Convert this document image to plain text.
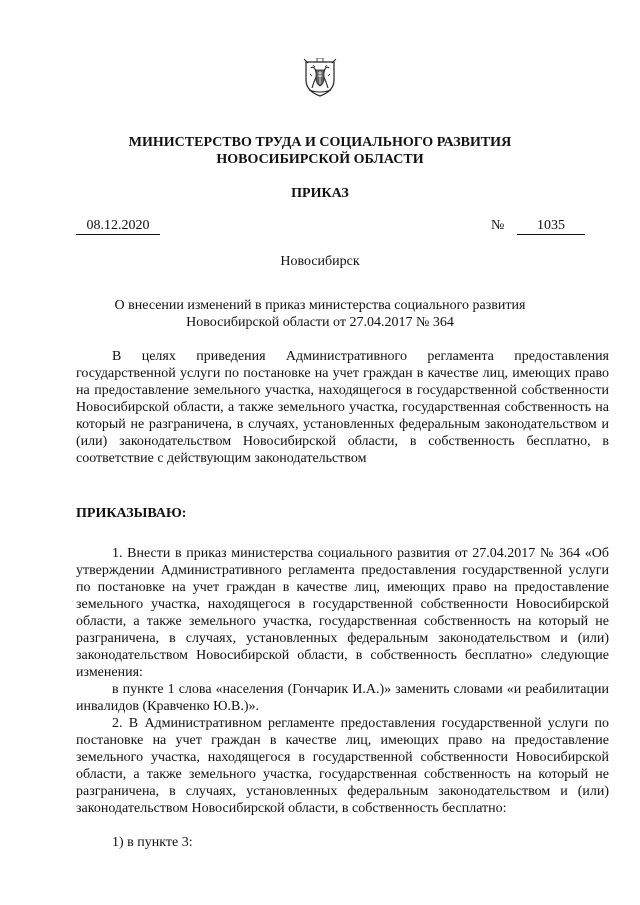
МИНИСТЕРСТВО ТРУДА И СОЦИАЛЬНОГО РАЗВИТИЯ
НОВОСИБИРСКОЙ ОБЛАСТИ
ПРИКАЗ
08.12.2020	№	1035
Новосибирск
О внесении изменений в приказ министерства социального развития
Новосибирской области от 27.04.2017 № 364
В целях приведения Административного регламента предоставления государственной услуги по постановке на учет граждан в качестве лиц, имеющих право на предоставление земельного участка, находящегося в государственной собственности Новосибирской области, а также земельного участка, государственная собственность на который не разграничена, в случаях, установленных федеральным законодательством и (или) законодательством Новосибирской области, в собственность бесплатно, в соответствие с действующим законодательством
ПРИКАЗЫВАЮ:
1. Внести в приказ министерства социального развития от 27.04.2017 № 364 «Об утверждении Административного регламента предоставления государственной услуги по постановке на учет граждан в качестве лиц, имеющих право на предоставление земельного участка, находящегося в государственной собственности Новосибирской области, а также земельного участка, государственная собственность на который не разграничена, в случаях, установленных федеральным законодательством и (или) законодательством Новосибирской области, в собственность бесплатно» следующие изменения:
в пункте 1 слова «населения (Гончарик И.А.)» заменить словами «и реабилитации инвалидов (Кравченко Ю.В.)».
2. В Административном регламенте предоставления государственной услуги по постановке на учет граждан в качестве лиц, имеющих право на предоставление земельного участка, находящегося в государственной собственности Новосибирской области, а также земельного участка, государственная собственность на который не разграничена, в случаях, установленных федеральным законодательством и (или) законодательством Новосибирской области, в собственность бесплатно:
1) в пункте 3:
